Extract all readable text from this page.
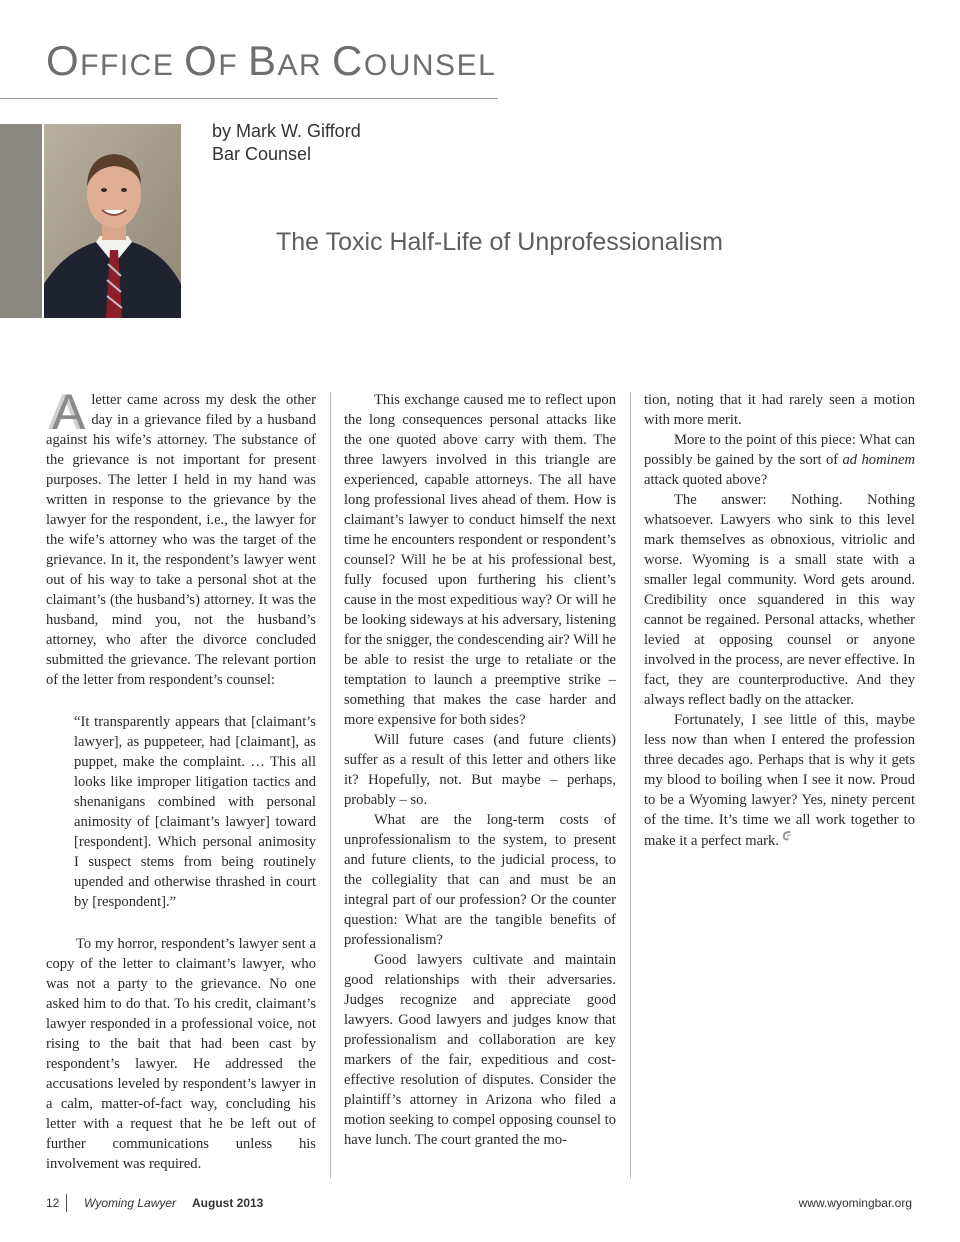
OFFICE OF BAR COUNSEL
by Mark W. Gifford
Bar Counsel
The Toxic Half-Life of Unprofessionalism

Aletter came across my desk the other day in a grievance filed by a husband against his wife’s attorney. The substance of the grievance is not important for present purposes. The letter I held in my hand was written in response to the grievance by the lawyer for the respondent, i.e., the lawyer for the wife’s attorney who was the target of the grievance. In it, the respondent’s lawyer went out of his way to take a personal shot at the claimant’s (the husband’s) attorney. It was the husband, mind you, not the husband’s attorney, who after the divorce concluded submitted the grievance. The relevant portion of the letter from respondent’s counsel:

“It transparently appears that [claimant’s lawyer], as puppeteer, had [claimant], as puppet, make the complaint. … This all looks like improper litigation tactics and shenanigans combined with personal animosity of [claimant’s lawyer] toward [respondent]. Which personal animosity I suspect stems from being routinely upended and otherwise thrashed in court by [respondent].”

To my horror, respondent’s lawyer sent a copy of the letter to claimant’s lawyer, who was not a party to the grievance. No one asked him to do that. To his credit, claimant’s lawyer responded in a professional voice, not rising to the bait that had been cast by respondent’s lawyer. He addressed the accusations leveled by respondent’s lawyer in a calm, matter-of-fact way, concluding his letter with a request that he be left out of further communications unless his involvement was required.

This exchange caused me to reflect upon the long consequences personal attacks like the one quoted above carry with them. The three lawyers involved in this triangle are experienced, capable attorneys. The all have long professional lives ahead of them. How is claimant’s lawyer to conduct himself the next time he encounters respondent or respondent’s counsel? Will he be at his professional best, fully focused upon furthering his client’s cause in the most expeditious way? Or will he be looking sideways at his adversary, listening for the snigger, the condescending air? Will he be able to resist the urge to retaliate or the temptation to launch a preemptive strike – something that makes the case harder and more expensive for both sides?

Will future cases (and future clients) suffer as a result of this letter and others like it? Hopefully, not. But maybe – perhaps, probably – so.

What are the long-term costs of unprofessionalism to the system, to present and future clients, to the judicial process, to the collegiality that can and must be an integral part of our profession? Or the counter question: What are the tangible benefits of professionalism?

Good lawyers cultivate and maintain good relationships with their adversaries. Judges recognize and appreciate good lawyers. Good lawyers and judges know that professionalism and collaboration are key markers of the fair, expeditious and cost-effective resolution of disputes. Consider the plaintiff’s attorney in Arizona who filed a motion seeking to compel opposing counsel to have lunch. The court granted the mo-

tion, noting that it had rarely seen a motion with more merit.

More to the point of this piece: What can possibly be gained by the sort of ad hominem attack quoted above?

The answer: Nothing. Nothing whatsoever. Lawyers who sink to this level mark themselves as obnoxious, vitriolic and worse. Wyoming is a small state with a smaller legal community. Word gets around. Credibility once squandered in this way cannot be regained. Personal attacks, whether levied at opposing counsel or anyone involved in the process, are never effective. In fact, they are counterproductive. And they always reflect badly on the attacker.

Fortunately, I see little of this, maybe less now than when I entered the profession three decades ago. Perhaps that is why it gets my blood to boiling when I see it now. Proud to be a Wyoming lawyer? Yes, ninety percent of the time. It’s time we all work together to make it a perfect mark.

12 Wyoming Lawyer August 2013	www.wyomingbar.org
